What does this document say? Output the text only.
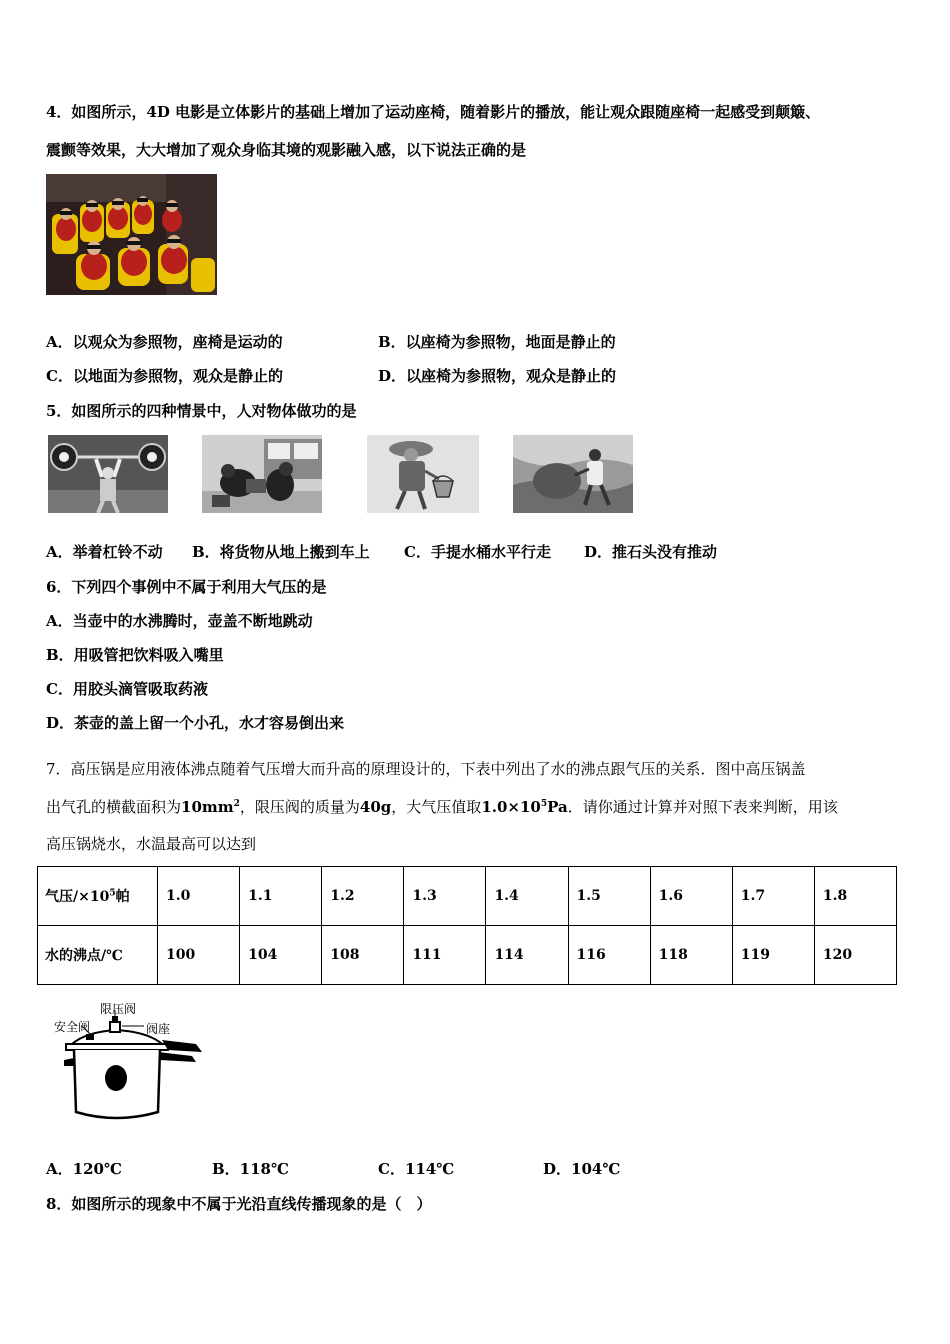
4．如图所示，4D 电影是立体影片的基础上增加了运动座椅，随着影片的播放，能让观众跟随座椅一起感受到颠簸、
震颤等效果，大大增加了观众身临其境的观影融入感，以下说法正确的是
A．以观众为参照物，座椅是运动的	B．以座椅为参照物，地面是静止的
C．以地面为参照物，观众是静止的	D．以座椅为参照物，观众是静止的
5．如图所示的四种情景中，人对物体做功的是
A．举着杠铃不动 B．将货物从地上搬到车上 C．手提水桶水平行走 D．推石头没有推动
6．下列四个事例中不属于利用大气压的是
A．当壶中的水沸腾时，壶盖不断地跳动
B．用吸管把饮料吸入嘴里
C．用胶头滴管吸取药液
D．茶壶的盖上留一个小孔，水才容易倒出来
7．高压锅是应用液体沸点随着气压增大而升高的原理设计的，下表中列出了水的沸点跟气压的关系．图中高压锅盖
出气孔的横截面积为$10mm^2$，限压阀的质量为40g，大气压值取$1.0\times 10^5Pa$．请你通过计算并对照下表来判断，用该
高压锅烧水，水温最高可以达到
气压$/\times 10^5$帕	1.0	1.1	1.2	1.3	1.4	1.5	1.6	1.7	1.8
水的沸点/℃	100	104	108	111	114	116	118	119	120
安全阀
限压阀
阀座
A．120℃	B．118℃	C．114℃	D．104℃
8．如图所示的现象中不属于光沿直线传播现象的是（　）
